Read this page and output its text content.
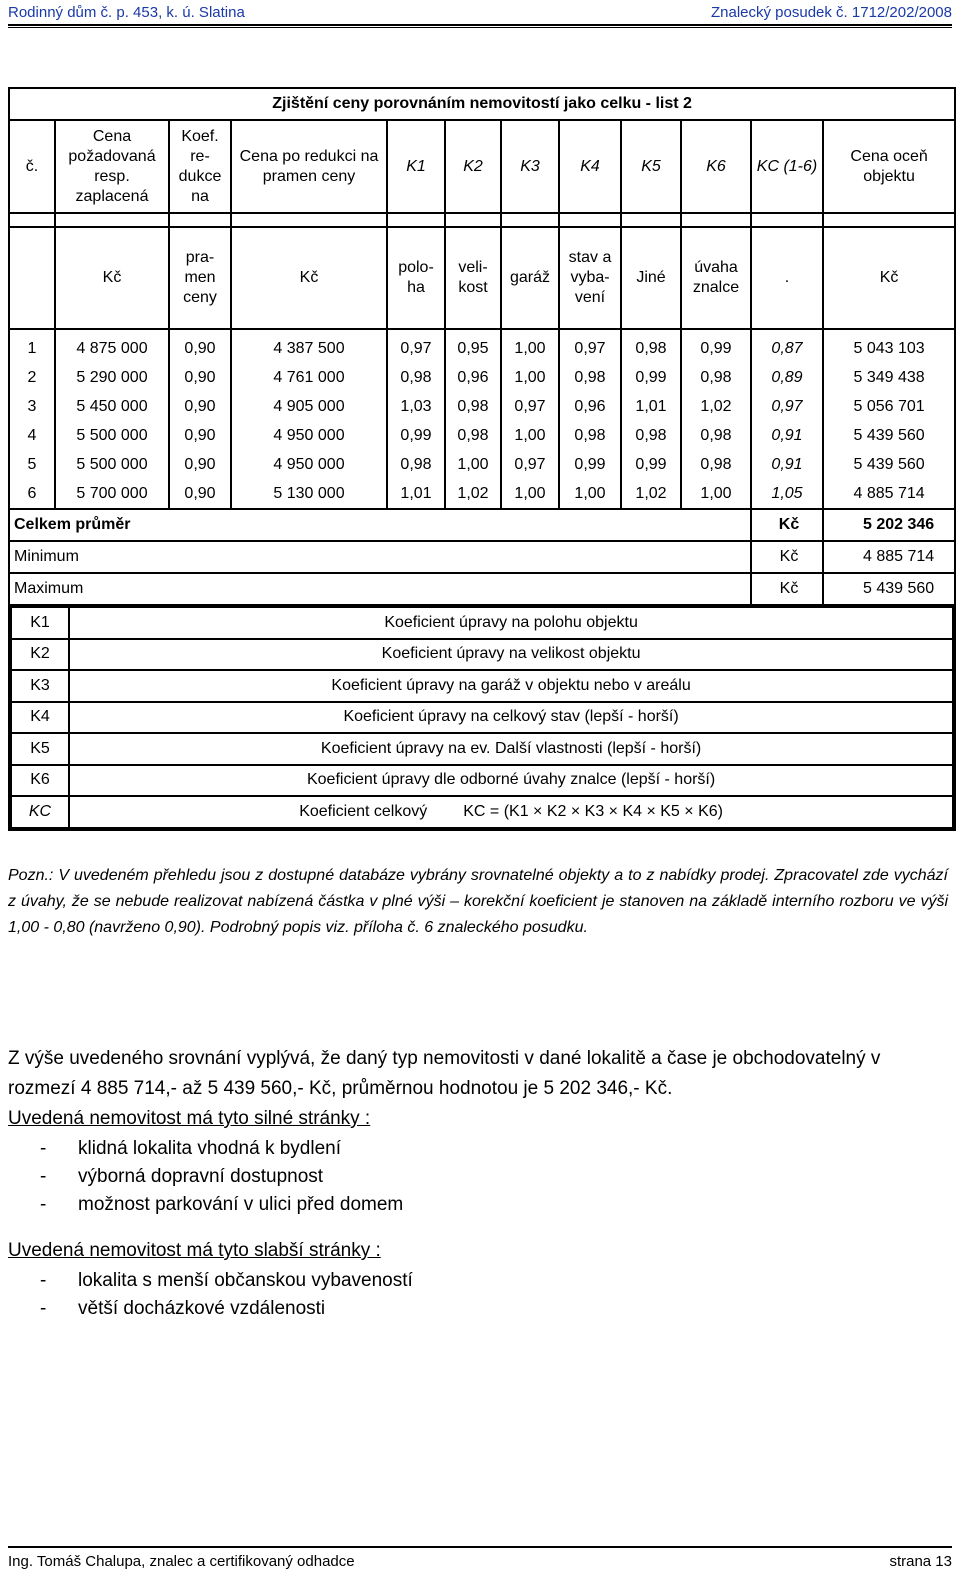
Rodinný dům č. p. 453, k. ú. Slatina	Znalecký posudek č. 1712/202/2008
Zjištění ceny porovnáním nemovitostí jako celku - list 2
č.	Cena požadovaná resp. zaplacená	Koef. re- dukce na	Cena po redukci na pramen ceny	K1	K2	K3	K4	K5	K6	KC (1-6)	Cena oceň objektu

	Kč	pra- men ceny	Kč	polo- ha	veli- kost	garáž	stav a vyba- vení	Jiné	úvaha znalce	.	Kč
1	4 875 000	0,90	4 387 500	0,97	0,95	1,00	0,97	0,98	0,99	0,87	5 043 103
2	5 290 000	0,90	4 761 000	0,98	0,96	1,00	0,98	0,99	0,98	0,89	5 349 438
3	5 450 000	0,90	4 905 000	1,03	0,98	0,97	0,96	1,01	1,02	0,97	5 056 701
4	5 500 000	0,90	4 950 000	0,99	0,98	1,00	0,98	0,98	0,98	0,91	5 439 560
5	5 500 000	0,90	4 950 000	0,98	1,00	0,97	0,99	0,99	0,98	0,91	5 439 560
6	5 700 000	0,90	5 130 000	1,01	1,02	1,00	1,00	1,02	1,00	1,05	4 885 714
Celkem průměr	Kč	5 202 346
Minimum	Kč	4 885 714
Maximum	Kč	5 439 560

K1	Koeficient úpravy na polohu objektu
K2	Koeficient úpravy na velikost objektu
K3	Koeficient úpravy na garáž v objektu nebo v areálu
K4	Koeficient úpravy na celkový stav (lepší - horší)
K5	Koeficient úpravy na ev. Další vlastnosti (lepší - horší)
K6	Koeficient úpravy dle odborné úvahy znalce (lepší - horší)
KC	Koeficient celkový KC = (K1 × K2 × K3 × K4 × K5 × K6)
Pozn.: V uvedeném přehledu jsou z dostupné databáze vybrány srovnatelné objekty a to z nabídky prodej. Zpracovatel zde vychází z úvahy, že se nebude realizovat nabízená částka v plné výši – korekční koeficient je stanoven na základě interního rozboru ve výši 1,00 - 0,80 (navrženo 0,90). Podrobný popis viz. příloha č. 6 znaleckého posudku.
Z výše uvedeného srovnání vyplývá, že daný typ nemovitosti v dané lokalitě a čase je obchodovatelný v rozmezí 4 885 714,- až 5 439 560,- Kč, průměrnou hodnotou je 5 202 346,- Kč.
Uvedená nemovitost má tyto silné stránky :
- klidná lokalita vhodná k bydlení
- výborná dopravní dostupnost
- možnost parkování v ulici před domem
Uvedená nemovitost má tyto slabší stránky :
- lokalita s menší občanskou vybaveností
- větší docházkové vzdálenosti
Ing. Tomáš Chalupa, znalec a certifikovaný odhadce	strana 13
